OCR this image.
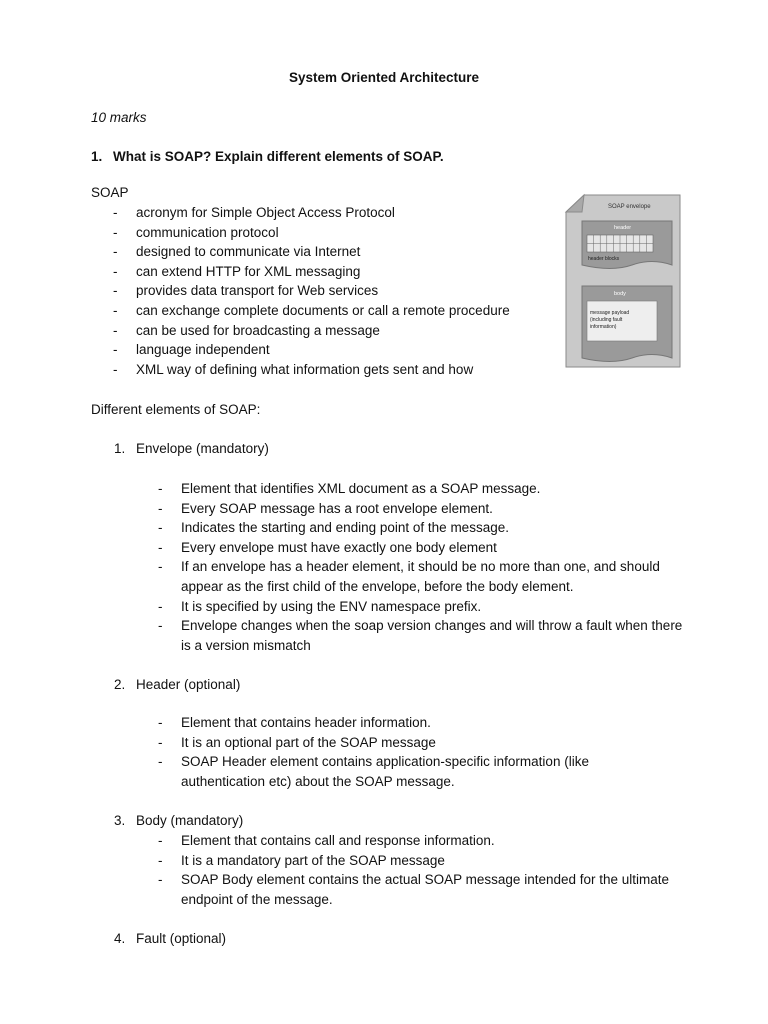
System Oriented Architecture
10 marks
1. What is SOAP? Explain different elements of SOAP.
SOAP
- acronym for Simple Object Access Protocol
- communication protocol
- designed to communicate via Internet
- can extend HTTP for XML messaging
- provides data transport for Web services
- can exchange complete documents or call a remote procedure
- can be used for broadcasting a message
- language independent
- XML way of defining what information gets sent and how
SOAP envelope
header
header blocks
body
message payload
(including fault
information)
Different elements of SOAP:
1. Envelope (mandatory)
- Element that identifies XML document as a SOAP message.
- Every SOAP message has a root envelope element.
- Indicates the starting and ending point of the message.
- Every envelope must have exactly one body element
- If an envelope has a header element, it should be no more than one, and should
appear as the first child of the envelope, before the body element.
- It is specified by using the ENV namespace prefix.
- Envelope changes when the soap version changes and will throw a fault when there
is a version mismatch
2. Header (optional)
- Element that contains header information.
- It is an optional part of the SOAP message
- SOAP Header element contains application-specific information (like
authentication etc) about the SOAP message.
3. Body (mandatory)
- Element that contains call and response information.
- It is a mandatory part of the SOAP message
- SOAP Body element contains the actual SOAP message intended for the ultimate
endpoint of the message.
4. Fault (optional)
